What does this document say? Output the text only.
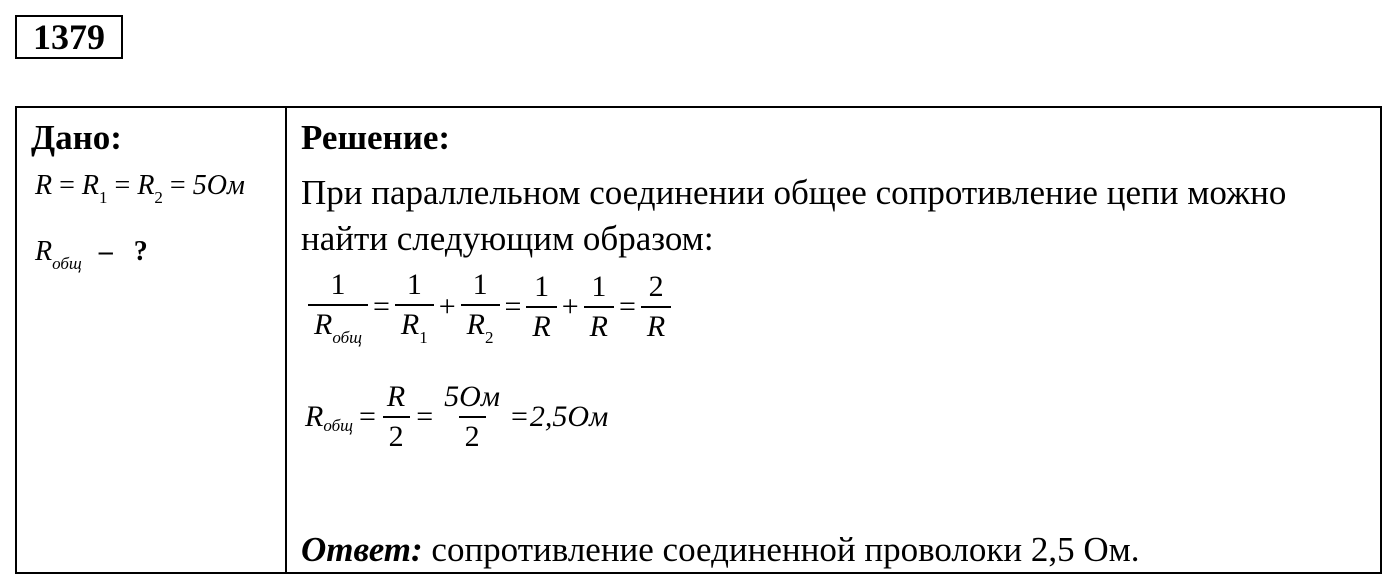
1379
Дано:
$R = R_1 = R_2 = 5Ом$
$R_{общ}$ – ?

Решение:
При параллельном соединении общее сопротивление цепи можно найти следующим образом:
$\frac{1}{R_{общ}} = \frac{1}{R_1} + \frac{1}{R_2} = \frac{1}{R} + \frac{1}{R} = \frac{2}{R}$
R общ = $\frac{R}{2} = \frac{5Ом}{2} = 2,5Ом$
Ответ: сопротивление соединенной проволоки 2,5 Ом.
